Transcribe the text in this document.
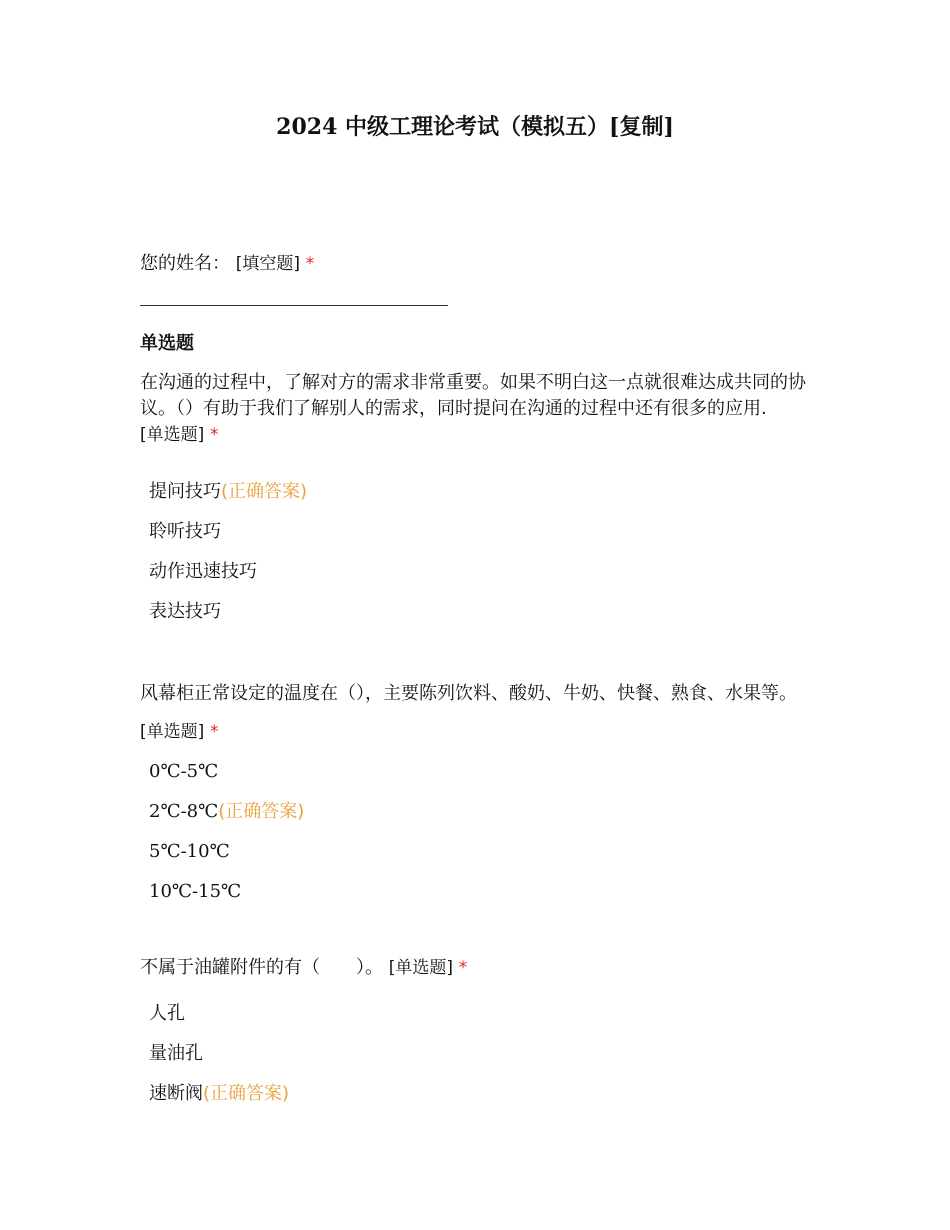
2024 中级工理论考试（模拟五）[复制]
您的姓名： [填空题] *
单选题
在沟通的过程中，了解对方的需求非常重要。如果不明白这一点就很难达成共同的协议。（）有助于我们了解别人的需求，同时提问在沟通的过程中还有很多的应用.
[单选题] *
提问技巧(正确答案)
聆听技巧
动作迅速技巧
表达技巧
风幕柜正常设定的温度在（），主要陈列饮料、酸奶、牛奶、快餐、熟食、水果等。 [单选题] *
0℃-5℃
2℃-8℃(正确答案)
5℃-10℃
10℃-15℃
不属于油罐附件的有（　　）。 [单选题] *
人孔
量油孔
速断阀(正确答案)
